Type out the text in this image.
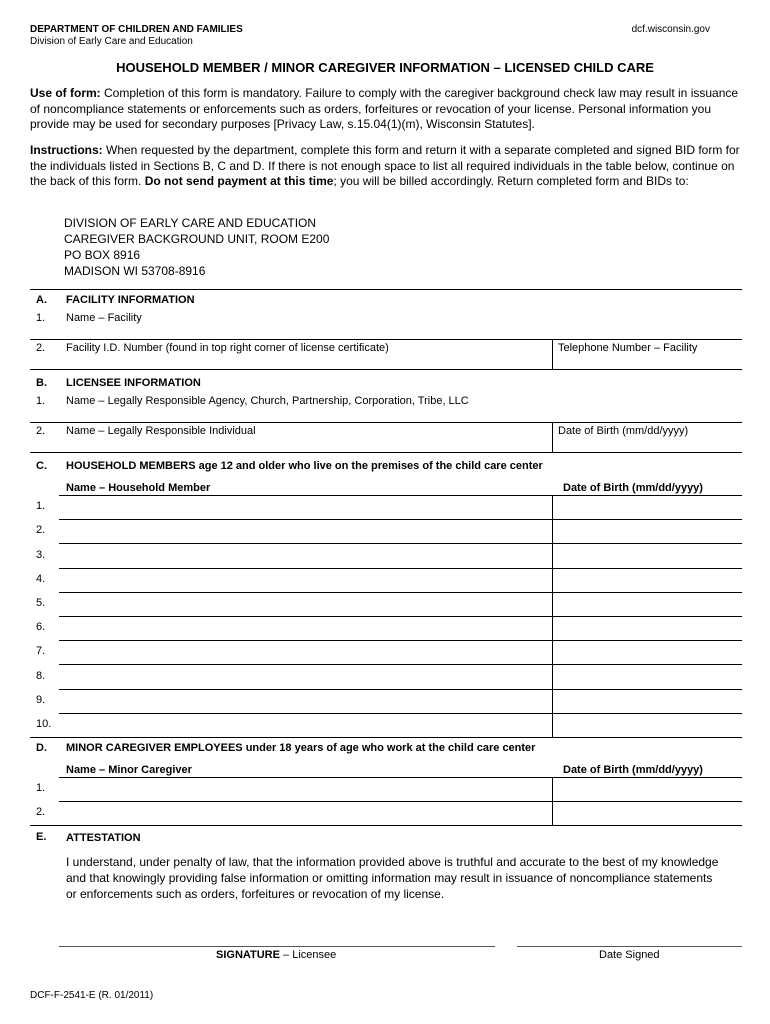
DEPARTMENT OF CHILDREN AND FAMILIES
Division of Early Care and Education
dcf.wisconsin.gov
HOUSEHOLD MEMBER / MINOR CAREGIVER INFORMATION – LICENSED CHILD CARE
Use of form: Completion of this form is mandatory. Failure to comply with the caregiver background check law may result in issuance of noncompliance statements or enforcements such as orders, forfeitures or revocation of your license. Personal information you provide may be used for secondary purposes [Privacy Law, s.15.04(1)(m), Wisconsin Statutes].
Instructions: When requested by the department, complete this form and return it with a separate completed and signed BID form for the individuals listed in Sections B, C and D. If there is not enough space to list all required individuals in the table below, continue on the back of this form. Do not send payment at this time; you will be billed accordingly. Return completed form and BIDs to:
DIVISION OF EARLY CARE AND EDUCATION
CAREGIVER BACKGROUND UNIT, ROOM E200
PO BOX 8916
MADISON WI 53708-8916
A. FACILITY INFORMATION
1. Name – Facility
2. Facility I.D. Number (found in top right corner of license certificate)	Telephone Number – Facility
B. LICENSEE INFORMATION
1. Name – Legally Responsible Agency, Church, Partnership, Corporation, Tribe, LLC
2. Name – Legally Responsible Individual	Date of Birth (mm/dd/yyyy)
C. HOUSEHOLD MEMBERS age 12 and older who live on the premises of the child care center
Name – Household Member	Date of Birth (mm/dd/yyyy)
1.
2.
3.
4.
5.
6.
7.
8.
9.
10.
D. MINOR CAREGIVER EMPLOYEES under 18 years of age who work at the child care center
Name – Minor Caregiver	Date of Birth (mm/dd/yyyy)
1.
2.
E. ATTESTATION
I understand, under penalty of law, that the information provided above is truthful and accurate to the best of my knowledge and that knowingly providing false information or omitting information may result in issuance of noncompliance statements or enforcements such as orders, forfeitures or revocation of my license.
SIGNATURE – Licensee	Date Signed
DCF-F-2541-E (R. 01/2011)
